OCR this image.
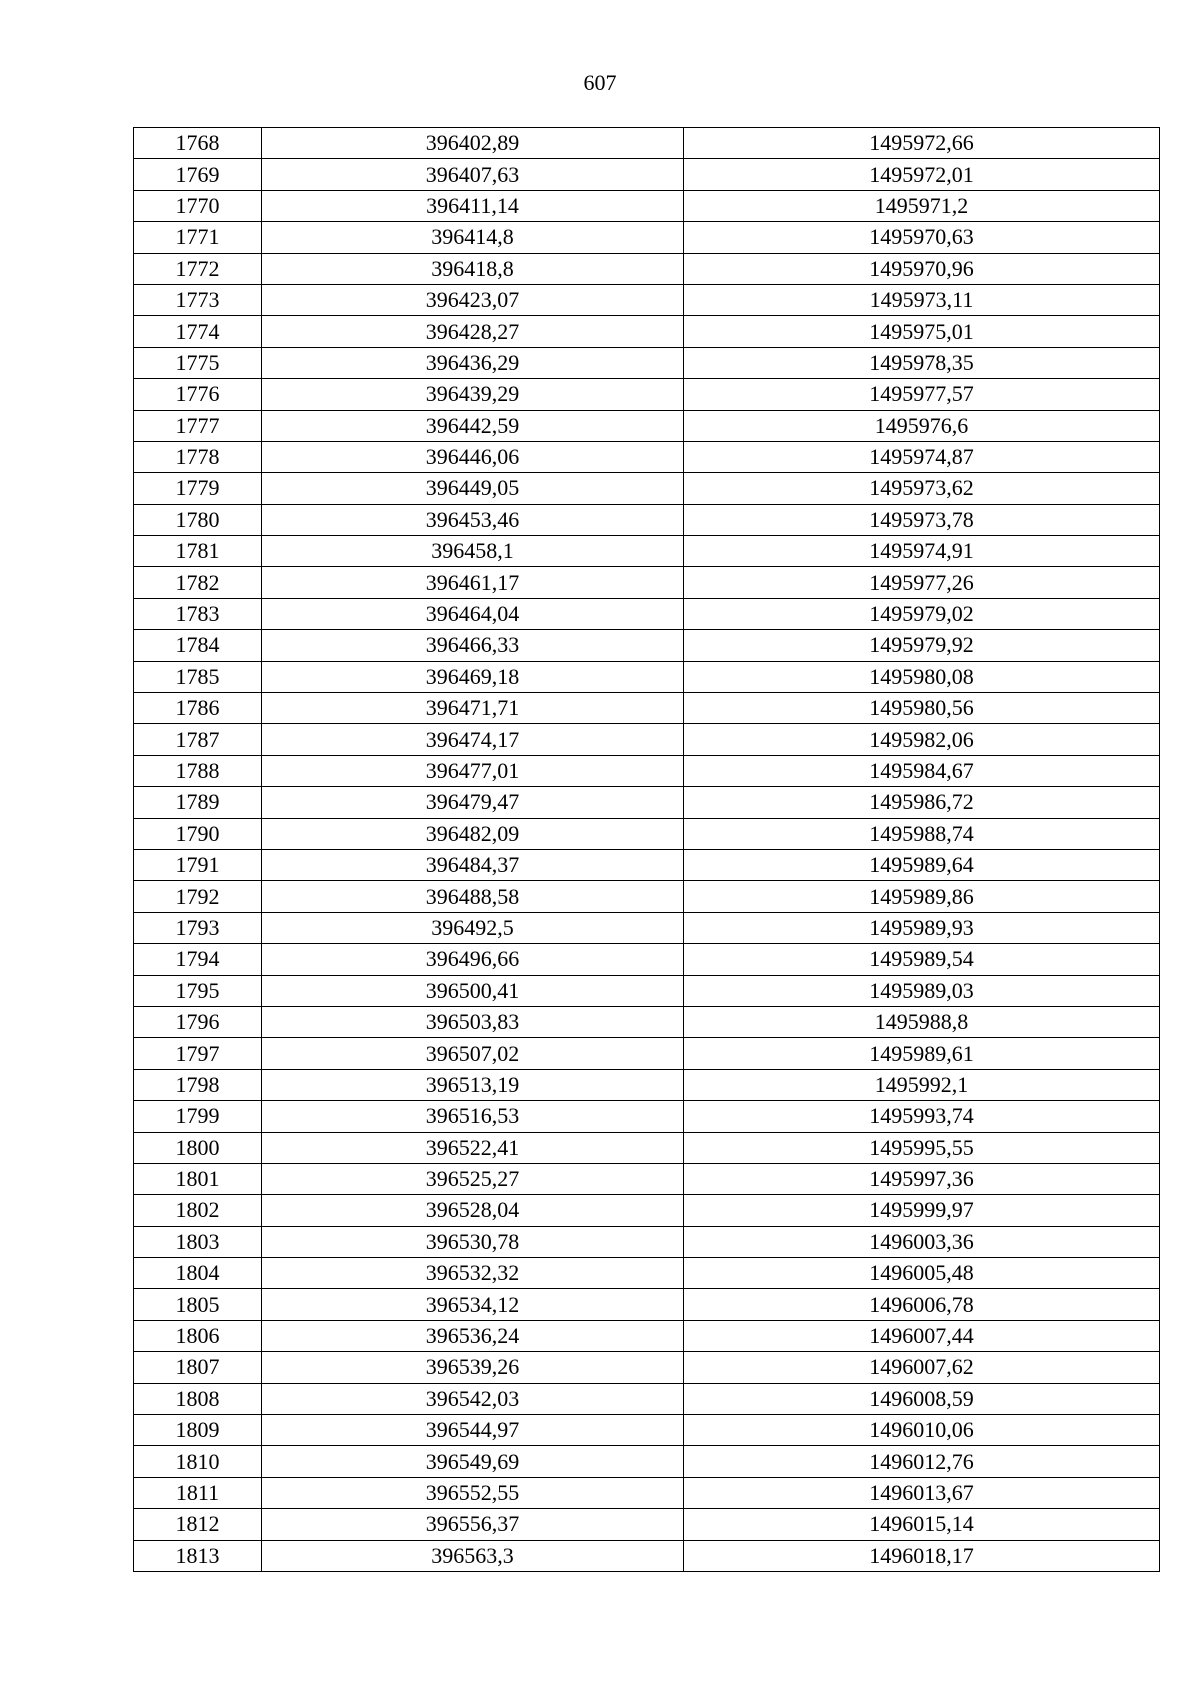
607
1768	396402,89	1495972,66
1769	396407,63	1495972,01
1770	396411,14	1495971,2
1771	396414,8	1495970,63
1772	396418,8	1495970,96
1773	396423,07	1495973,11
1774	396428,27	1495975,01
1775	396436,29	1495978,35
1776	396439,29	1495977,57
1777	396442,59	1495976,6
1778	396446,06	1495974,87
1779	396449,05	1495973,62
1780	396453,46	1495973,78
1781	396458,1	1495974,91
1782	396461,17	1495977,26
1783	396464,04	1495979,02
1784	396466,33	1495979,92
1785	396469,18	1495980,08
1786	396471,71	1495980,56
1787	396474,17	1495982,06
1788	396477,01	1495984,67
1789	396479,47	1495986,72
1790	396482,09	1495988,74
1791	396484,37	1495989,64
1792	396488,58	1495989,86
1793	396492,5	1495989,93
1794	396496,66	1495989,54
1795	396500,41	1495989,03
1796	396503,83	1495988,8
1797	396507,02	1495989,61
1798	396513,19	1495992,1
1799	396516,53	1495993,74
1800	396522,41	1495995,55
1801	396525,27	1495997,36
1802	396528,04	1495999,97
1803	396530,78	1496003,36
1804	396532,32	1496005,48
1805	396534,12	1496006,78
1806	396536,24	1496007,44
1807	396539,26	1496007,62
1808	396542,03	1496008,59
1809	396544,97	1496010,06
1810	396549,69	1496012,76
1811	396552,55	1496013,67
1812	396556,37	1496015,14
1813	396563,3	1496018,17
